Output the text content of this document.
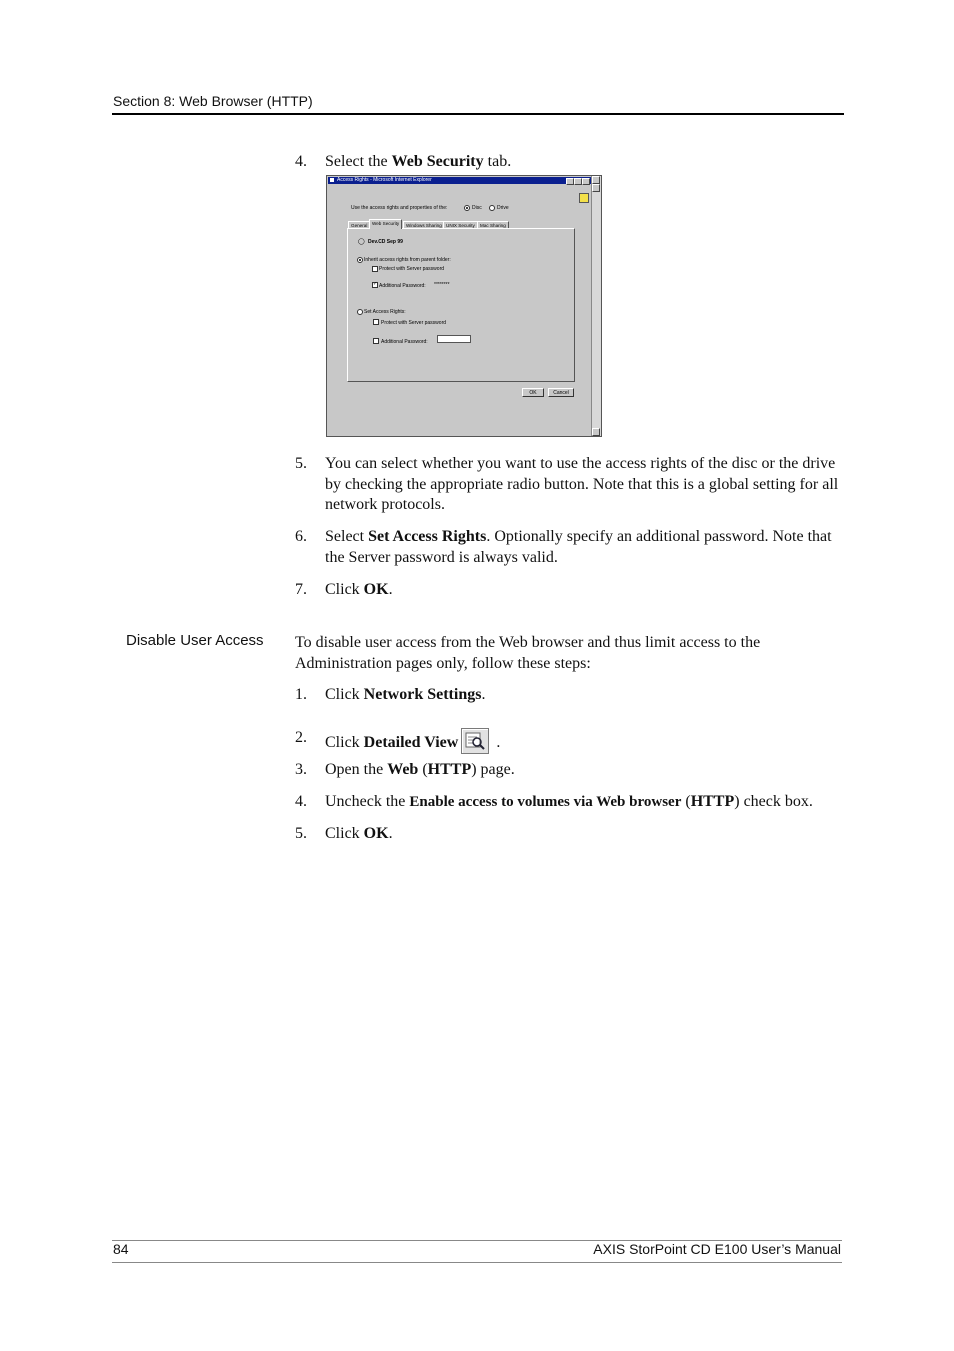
Section 8: Web Browser (HTTP)
4. Select the Web Security tab.
Access Rights - Microsoft Internet Explorer
Use the access rights and properties of the:	Disc	Drive
General	Web Security	Windows Sharing UNIX Security	Mac Sharing
◯ Dev.CD Sep 99
Inherit access rights from parent folder:
Protect with Server password
✓
Additional Password: ********
Set Access Rights:
Protect with Server password
Additional Password:
OK	Cancel
5. You can select whether you want to use the access rights of the disc or the drive by checking the appropriate radio button. Note that this is a global setting for all network protocols.
6. Select Set Access Rights. Optionally specify an additional password. Note that the Server password is always valid.
7. Click OK.
Disable User Access To disable user access from the Web browser and thus limit access to the Administration pages only, follow these steps:
1. Click Network Settings.
2. Click Detailed View .
3. Open the Web (HTTP) page.
4. Uncheck the Enable access to volumes via Web browser (HTTP) check box.
5. Click OK.
84	AXIS StorPoint CD E100 User’s Manual
